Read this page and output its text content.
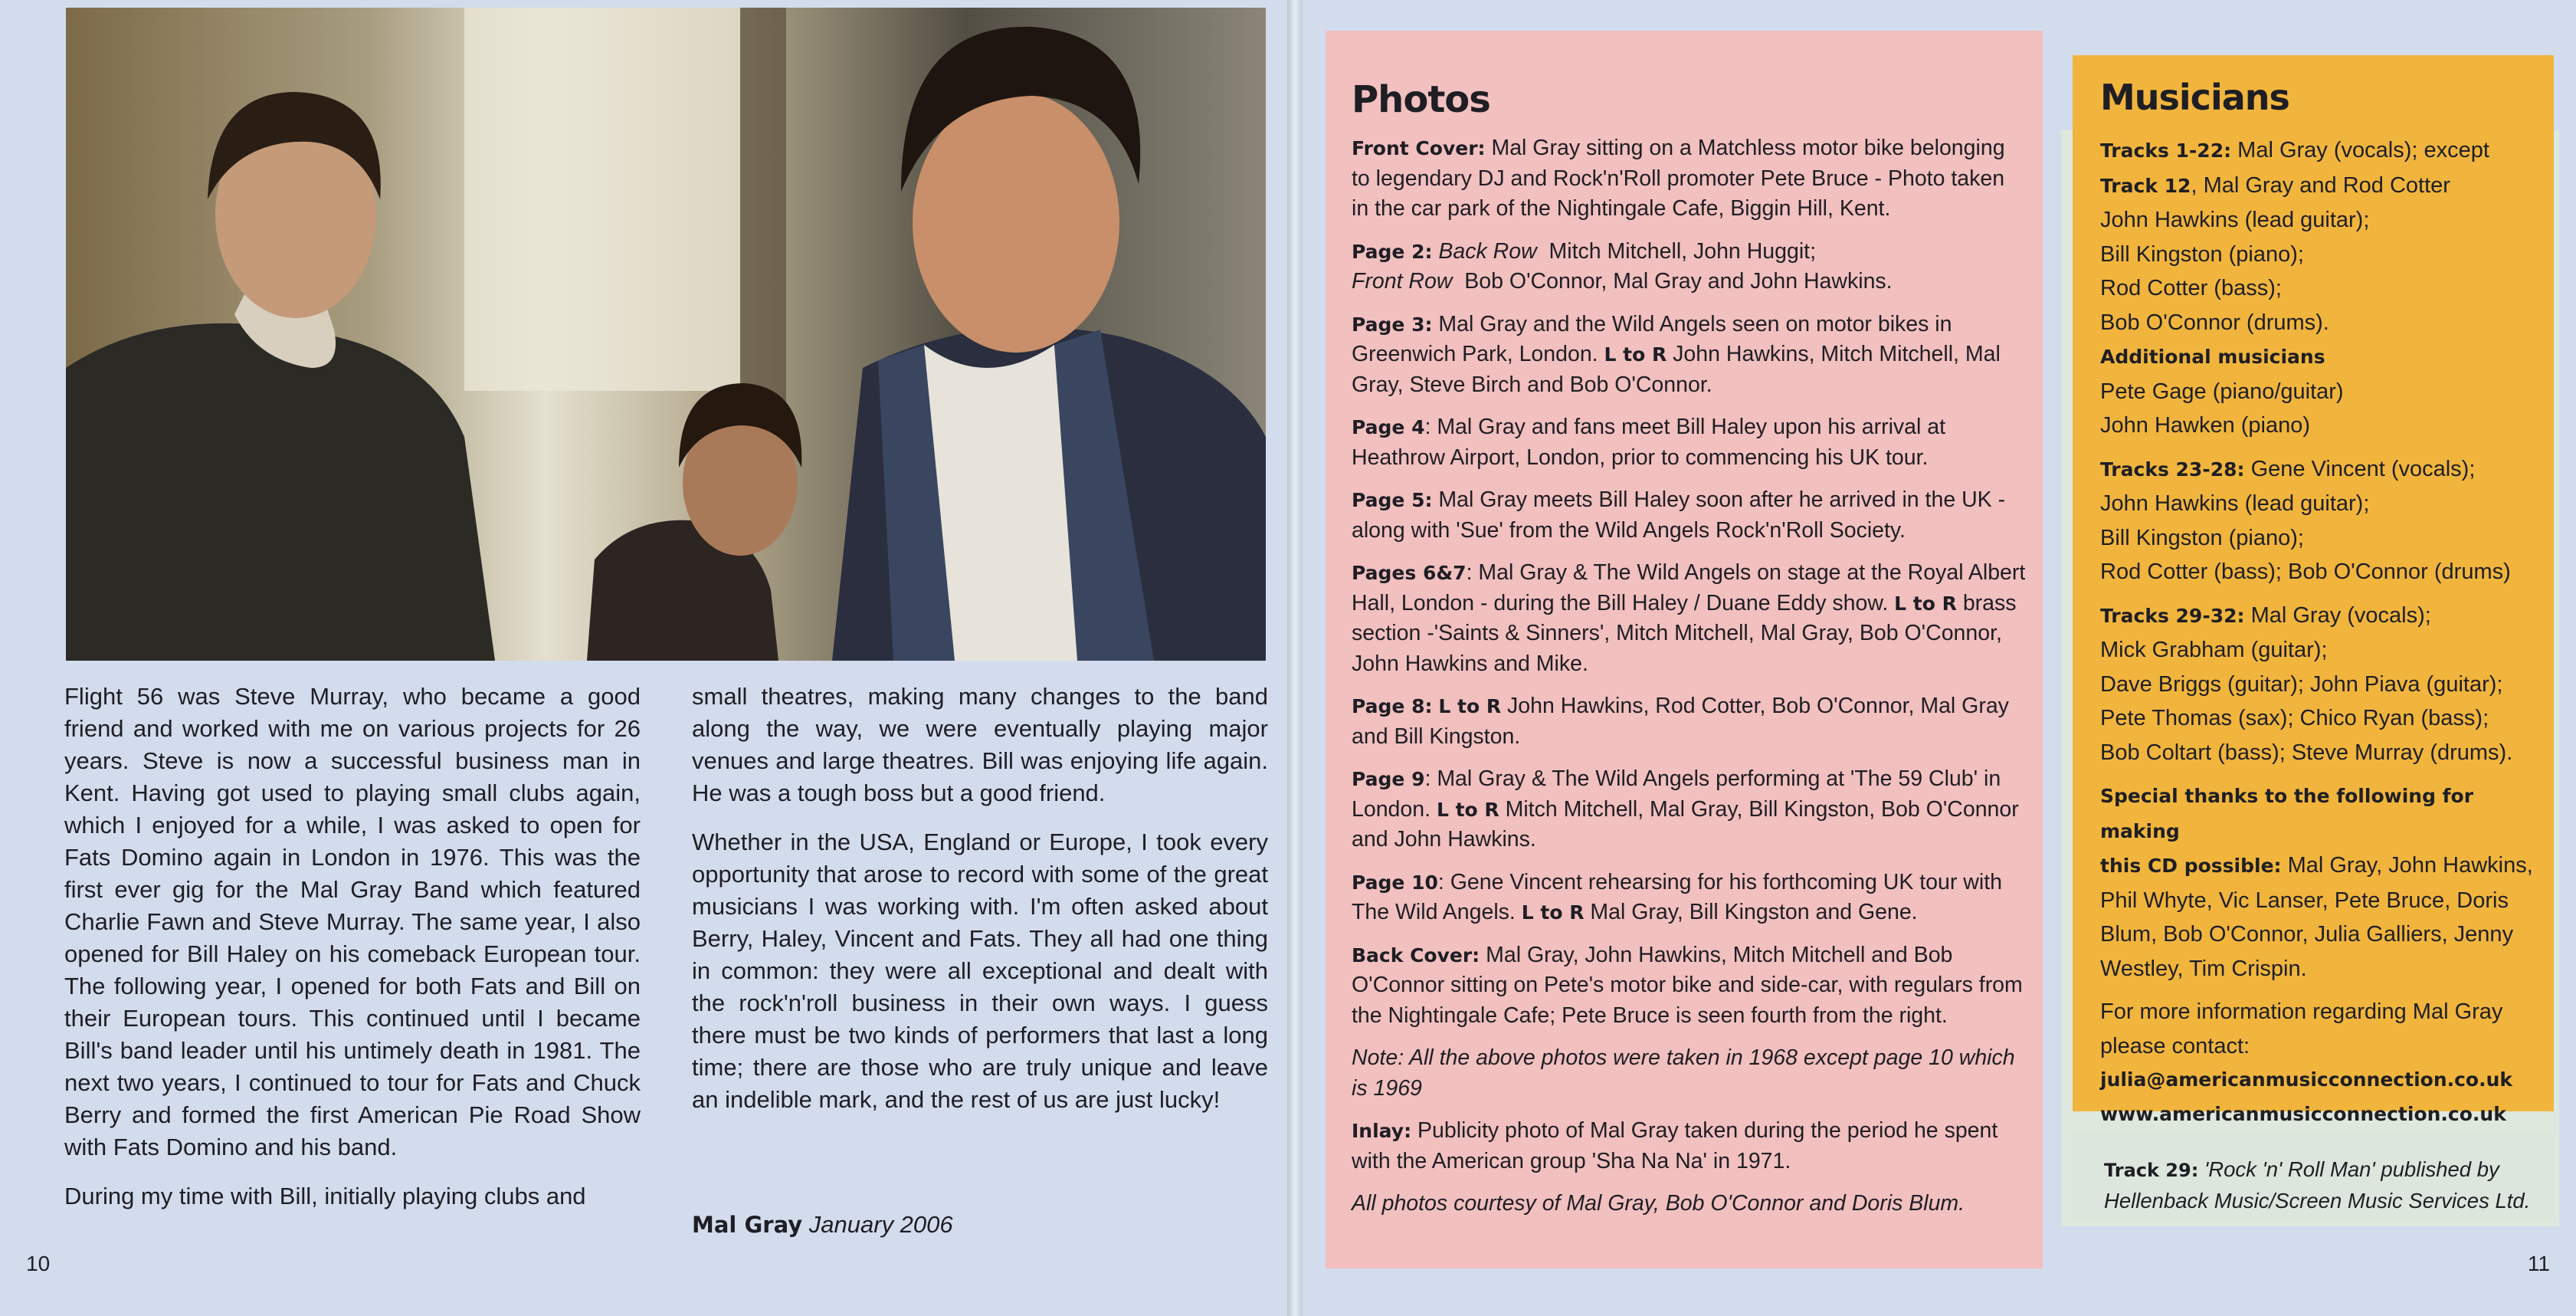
Flight 56 was Steve Murray, who became a good friend and worked with me on various projects for 26 years. Steve is now a successful business man in Kent. Having got used to playing small clubs again, which I enjoyed for a while, I was asked to open for Fats Domino again in London in 1976. This was the first ever gig for the Mal Gray Band which featured Charlie Fawn and Steve Murray. The same year, I also opened for Bill Haley on his comeback European tour. The following year, I opened for both Fats and Bill on their European tours. This continued until I became Bill's band leader until his untimely death in 1981. The next two years, I continued to tour for Fats and Chuck Berry and formed the first American Pie Road Show with Fats Domino and his band.

During my time with Bill, initially playing clubs and

small theatres, making many changes to the band along the way, we were eventually playing major venues and large theatres. Bill was enjoying life again. He was a tough boss but a good friend.

Whether in the USA, England or Europe, I took every opportunity that arose to record with some of the great musicians I was working with. I'm often asked about Berry, Haley, Vincent and Fats. They all had one thing in common: they were all exceptional and dealt with the rock'n'roll business in their own ways. I guess there must be two kinds of performers that last a long time; there are those who are truly unique and leave an indelible mark, and the rest of us are just lucky!

Mal Gray January 2006
10
Photos

Front Cover: Mal Gray sitting on a Matchless motor bike belonging to legendary DJ and Rock'n'Roll promoter Pete Bruce - Photo taken in the car park of the Nightingale Cafe, Biggin Hill, Kent.

Page 2: Back Row Mitch Mitchell, John Huggit;
Front Row Bob O'Connor, Mal Gray and John Hawkins.

Page 3: Mal Gray and the Wild Angels seen on motor bikes in Greenwich Park, London. L to R John Hawkins, Mitch Mitchell, Mal Gray, Steve Birch and Bob O'Connor.

Page 4: Mal Gray and fans meet Bill Haley upon his arrival at Heathrow Airport, London, prior to commencing his UK tour.

Page 5: Mal Gray meets Bill Haley soon after he arrived in the UK - along with 'Sue' from the Wild Angels Rock'n'Roll Society.

Pages 6&7: Mal Gray & The Wild Angels on stage at the Royal Albert Hall, London - during the Bill Haley / Duane Eddy show. L to R brass section -'Saints & Sinners', Mitch Mitchell, Mal Gray, Bob O'Connor, John Hawkins and Mike.

Page 8: L to R John Hawkins, Rod Cotter, Bob O'Connor, Mal Gray and Bill Kingston.

Page 9: Mal Gray & The Wild Angels performing at 'The 59 Club' in London. L to R Mitch Mitchell, Mal Gray, Bill Kingston, Bob O'Connor and John Hawkins.

Page 10: Gene Vincent rehearsing for his forthcoming UK tour with The Wild Angels. L to R Mal Gray, Bill Kingston and Gene.

Back Cover: Mal Gray, John Hawkins, Mitch Mitchell and Bob O'Connor sitting on Pete's motor bike and side-car, with regulars from the Nightingale Cafe; Pete Bruce is seen fourth from the right.

Note: All the above photos were taken in 1968 except page 10 which is 1969

Inlay: Publicity photo of Mal Gray taken during the period he spent with the American group 'Sha Na Na' in 1971.

All photos courtesy of Mal Gray, Bob O'Connor and Doris Blum.

Musicians

Tracks 1-22: Mal Gray (vocals); except

Track 12, Mal Gray and Rod Cotter

John Hawkins (lead guitar);

Bill Kingston (piano);

Rod Cotter (bass);

Bob O'Connor (drums).

Additional musicians

Pete Gage (piano/guitar)

John Hawken (piano)

Tracks 23-28: Gene Vincent (vocals);

John Hawkins (lead guitar);

Bill Kingston (piano);

Rod Cotter (bass); Bob O'Connor (drums)

Tracks 29-32: Mal Gray (vocals);

Mick Grabham (guitar);

Dave Briggs (guitar); John Piava (guitar);

Pete Thomas (sax); Chico Ryan (bass);

Bob Coltart (bass); Steve Murray (drums).

Special thanks to the following for making

this CD possible: Mal Gray, John Hawkins, Phil Whyte, Vic Lanser, Pete Bruce, Doris Blum, Bob O'Connor, Julia Galliers, Jenny Westley, Tim Crispin.

For more information regarding Mal Gray please contact:

julia@americanmusicconnection.co.uk

www.americanmusicconnection.co.uk

Track 29: 'Rock 'n' Roll Man' published by Hellenback Music/Screen Music Services Ltd.

11
